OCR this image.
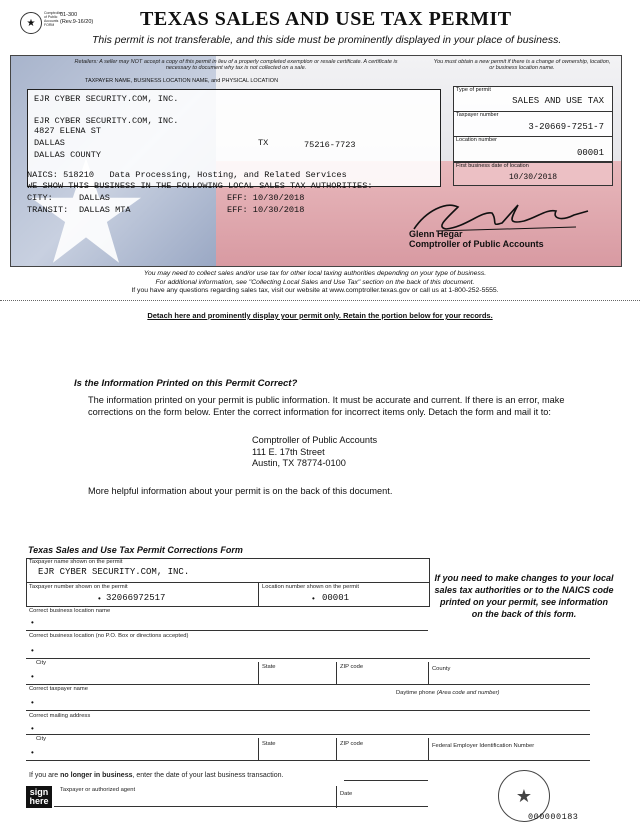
★
Comptroller of Public Accounts FORM
01-300
(Rev.9-16/20) TEXAS SALES AND USE TAX PERMIT
This permit is not transferable, and this side must be prominently displayed in your place of business.
Retailers: A seller may NOT accept a copy of this permit in lieu of a properly completed exemption or resale certificate. A certificate is necessary to document why tax is not collected on a sale.
TAXPAYER NAME, BUSINESS LOCATION NAME, and PHYSICAL LOCATION
EJR CYBER SECURITY.COM, INC.
EJR CYBER SECURITY.COM, INC.
4827 ELENA ST
DALLAS	TX	75216-7723
DALLAS COUNTY
NAICS: 518210   Data Processing, Hosting, and Related Services
WE SHOW THIS BUSINESS IN THE FOLLOWING LOCAL SALES TAX AUTHORITIES:
CITY:	DALLAS	EFF: 10/30/2018
TRANSIT: DALLAS MTA	EFF: 10/30/2018
You must obtain a new permit if there is a change of ownership, location, or business location name.
Type of permit
SALES AND USE TAX
Taxpayer number
3-20669-7251-7
Location number
00001
First business date of location
10/30/2018
Glenn Hegar
Comptroller of Public Accounts
You may need to collect sales and/or use tax for other local taxing authorities depending on your type of business.
For additional information, see "Collecting Local Sales and Use Tax" section on the back of this document.
If you have any questions regarding sales tax, visit our website at www.comptroller.texas.gov or call us at 1-800-252-5555.
Detach here and prominently display your permit only. Retain the portion below for your records.
Is the Information Printed on this Permit Correct?
The information printed on your permit is public information. It must be accurate and current. If there is an error, make corrections on the form below. Enter the correct information for incorrect items only. Detach the form and mail it to:
Comptroller of Public Accounts
111 E. 17th Street
Austin, TX 78774-0100
More helpful information about your permit is on the back of this document.
Texas Sales and Use Tax Permit Corrections Form
Taxpayer name shown on the permit
EJR CYBER SECURITY.COM, INC.
Taxpayer number shown on the permit
• 32066972517
Location number shown on the permit
• 00001
If you need to make changes to your local sales tax authorities or to the NAICS code printed on your permit, see information on the back of this form.
Correct business location name
•
Correct business location (no P.O. Box or directions accepted)
•
City
State	ZIP code	County
•
Correct taxpayer name
Daytime phone (Area code and number)
•
Correct mailing address
•
City
State	ZIP code	Federal Employer Identification Number
•
If you are no longer in business, enter the date of your last business transaction.
sign here
Taxpayer or authorized agent
Date	★
000000183
